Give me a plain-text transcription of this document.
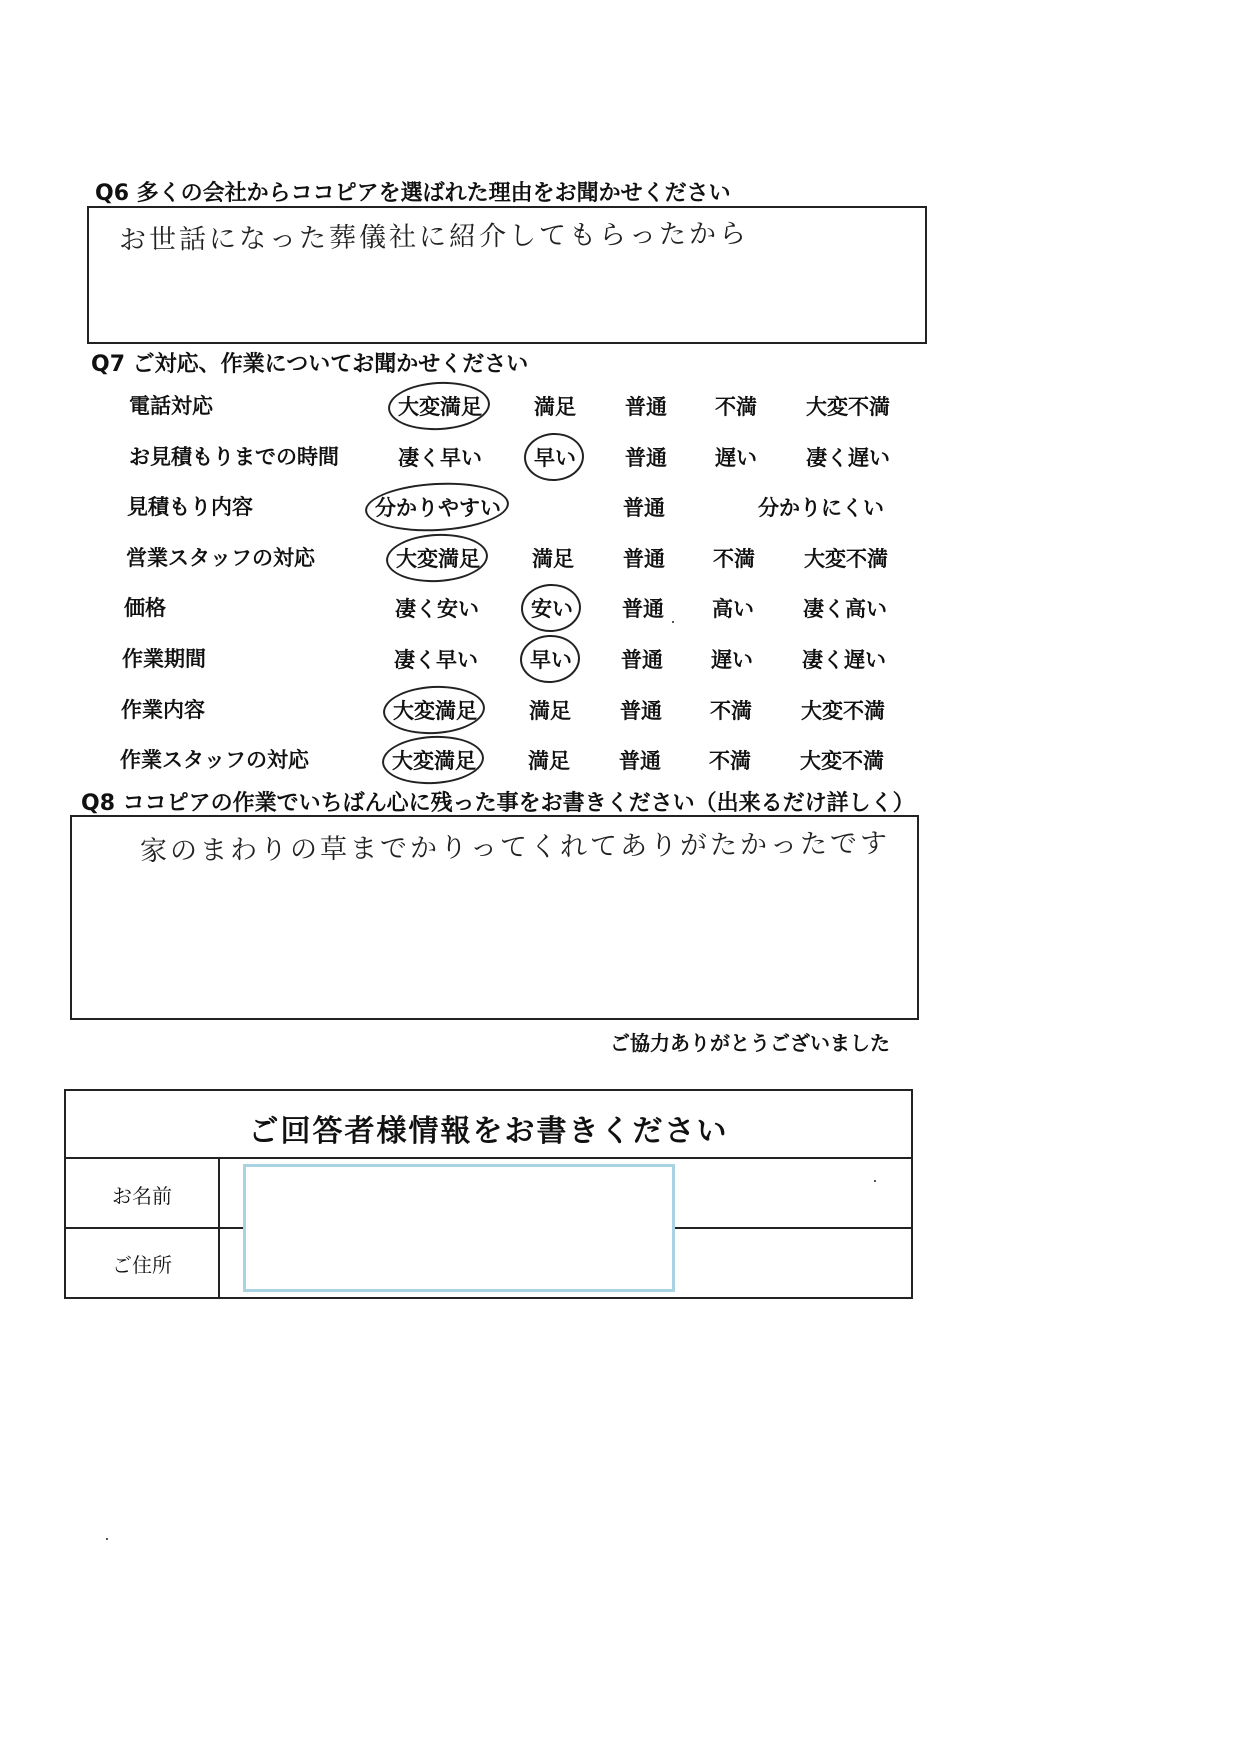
Q6 多くの会社からココピアを選ばれた理由をお聞かせください
お世話になった葬儀社に紹介してもらったから
Q7 ご対応、作業についてお聞かせください
電話対応	大変満足 満足 普通 不満 大変不満
お見積もりまでの時間	凄く早い 早い 普通 遅い 凄く遅い
見積もり内容	分かりやすい	普通	分かりにくい
営業スタッフの対応	大変満足 満足 普通 不満 大変不満
価格	凄く安い 安い 普通 高い 凄く高い
作業期間	凄く早い 早い 普通 遅い 凄く遅い
作業内容	大変満足 満足 普通 不満 大変不満
作業スタッフの対応	大変満足 満足 普通 不満 大変不満
Q8 ココピアの作業でいちばん心に残った事をお書きください（出来るだけ詳しく）
家のまわりの草までかりってくれてありがたかったです
ご協力ありがとうございました
ご回答者様情報をお書きください
お名前
ご住所
